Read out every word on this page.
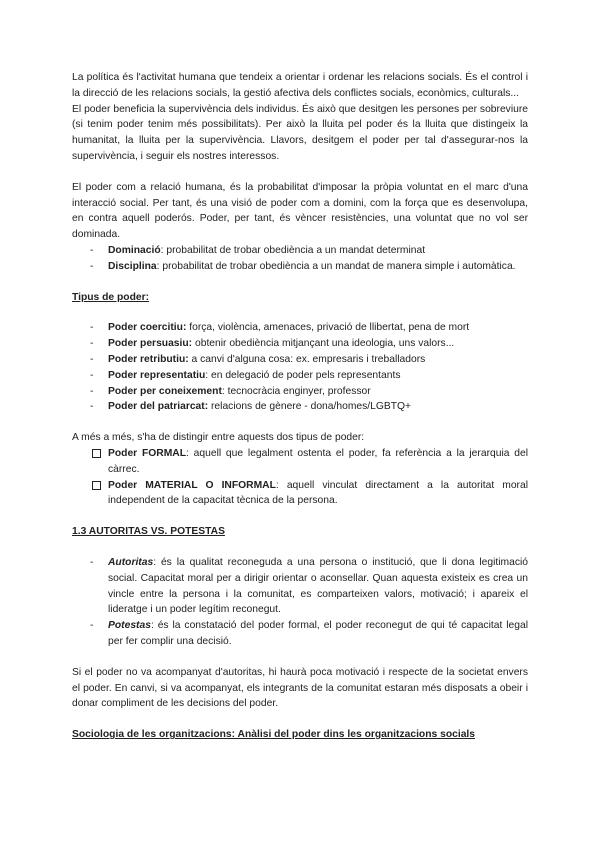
La política és l'activitat humana que tendeix a orientar i ordenar les relacions socials. És el control i la direcció de les relacions socials, la gestió afectiva dels conflictes socials, econòmics, culturals...

El poder beneficia la supervivència dels individus. És això que desitgen les persones per sobreviure (si tenim poder tenim més possibilitats). Per això la lluita pel poder és la lluita que distingeix la humanitat, la lluita per la supervivència. Llavors, desitgem el poder per tal d'assegurar-nos la supervivència, i seguir els nostres interessos.

El poder com a relació humana, és la probabilitat d'imposar la pròpia voluntat en el marc d'una interacció social. Per tant, és una visió de poder com a domini, com la força que es desenvolupa, en contra aquell poderós. Poder, per tant, és vèncer resistències, una voluntat que no vol ser dominada.

- Dominació: probabilitat de trobar obediència a un mandat determinat
- Disciplina: probabilitat de trobar obediència a un mandat de manera simple i automàtica.

Tipus de poder:

- Poder coercitiu: força, violència, amenaces, privació de llibertat, pena de mort
- Poder persuasiu: obtenir obediència mitjançant una ideologia, uns valors...
- Poder retributiu: a canvi d'alguna cosa: ex. empresaris i treballadors
- Poder representatiu: en delegació de poder pels representants
- Poder per coneixement: tecnocràcia enginyer, professor
- Poder del patriarcat: relacions de gènere - dona/homes/LGBTQ+

A més a més, s'ha de distingir entre aquests dos tipus de poder:

Poder FORMAL: aquell que legalment ostenta el poder, fa referència a la jerarquia del càrrec.
Poder MATERIAL O INFORMAL: aquell vinculat directament a la autoritat moral independent de la capacitat tècnica de la persona.

1.3 AUTORITAS VS. POTESTAS

- Autoritas: és la qualitat reconeguda a una persona o institució, que li dona legitimació social. Capacitat moral per a dirigir orientar o aconsellar. Quan aquesta existeix es crea un vincle entre la persona i la comunitat, es comparteixen valors, motivació; i apareix el lideratge i un poder legítim reconegut.
- Potestas: és la constatació del poder formal, el poder reconegut de qui té capacitat legal per fer complir una decisió.

Si el poder no va acompanyat d'autoritas, hi haurà poca motivació i respecte de la societat envers el poder. En canvi, si va acompanyat, els integrants de la comunitat estaran més disposats a obeir i donar compliment de les decisions del poder.

Sociologia de les organitzacions: Anàlisi del poder dins les organitzacions socials
